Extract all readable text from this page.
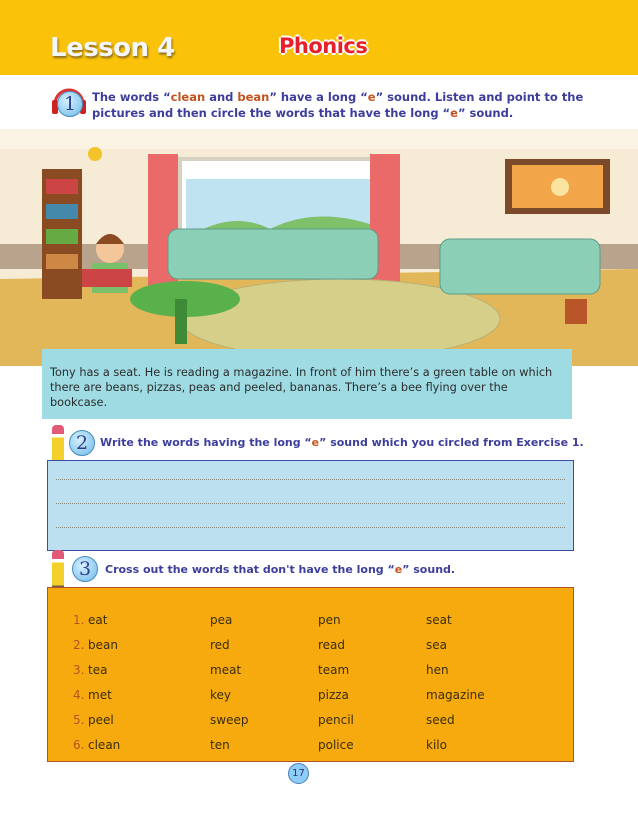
Lesson 4	Phonics
1	The words “clean and bean” have a long “e” sound. Listen and point to the pictures and then circle the words that have the long “e” sound.
Tony has a seat. He is reading a magazine. In front of him there’s a green table on which there are beans, pizzas, peas and peeled, bananas. There’s a bee flying over the bookcase.
2	Write the words having the long “e” sound which you circled from Exercise 1.
3	Cross out the words that don't have the long “e” sound.
1. eat	pea	pen	seat
2. bean	red	read	sea
3. tea	meat	team	hen
4. met	key	pizza	magazine
5. peel	sweep	pencil	seed
6. clean	ten	police	kilo
17
